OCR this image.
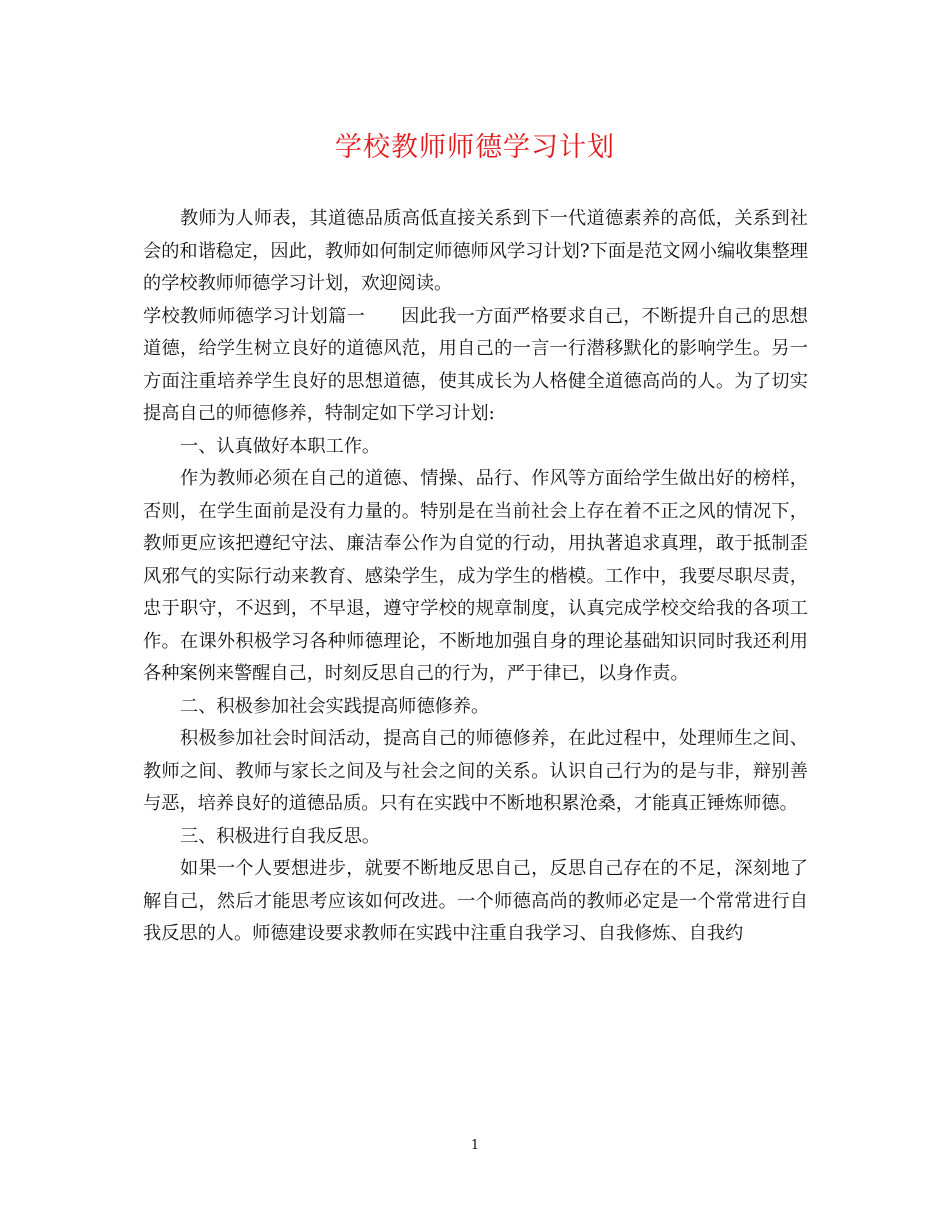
学校教师师德学习计划

教师为人师表，其道德品质高低直接关系到下一代道德素养的高低，关系到社会的和谐稳定，因此，教师如何制定师德师风学习计划?下面是范文网小编收集整理的学校教师师德学习计划，欢迎阅读。

学校教师师德学习计划篇一 因此我一方面严格要求自己，不断提升自己的思想道德，给学生树立良好的道德风范，用自己的一言一行潜移默化的影响学生。另一方面注重培养学生良好的思想道德，使其成长为人格健全道德高尚的人。为了切实提高自己的师德修养，特制定如下学习计划:

一、认真做好本职工作。

作为教师必须在自己的道德、情操、品行、作风等方面给学生做出好的榜样，否则，在学生面前是没有力量的。特别是在当前社会上存在着不正之风的情况下，教师更应该把遵纪守法、廉洁奉公作为自觉的行动，用执著追求真理，敢于抵制歪风邪气的实际行动来教育、感染学生，成为学生的楷模。工作中，我要尽职尽责，忠于职守，不迟到，不早退，遵守学校的规章制度，认真完成学校交给我的各项工作。在课外积极学习各种师德理论，不断地加强自身的理论基础知识同时我还利用各种案例来警醒自己，时刻反思自己的行为，严于律已，以身作责。

二、积极参加社会实践提高师德修养。

积极参加社会时间活动，提高自己的师德修养，在此过程中，处理师生之间、教师之间、教师与家长之间及与社会之间的关系。认识自己行为的是与非，辩别善与恶，培养良好的道德品质。只有在实践中不断地积累沧桑，才能真正锤炼师德。

三、积极进行自我反思。

如果一个人要想进步，就要不断地反思自己，反思自己存在的不足，深刻地了解自己，然后才能思考应该如何改进。一个师德高尚的教师必定是一个常常进行自我反思的人。师德建设要求教师在实践中注重自我学习、自我修炼、自我约

1
